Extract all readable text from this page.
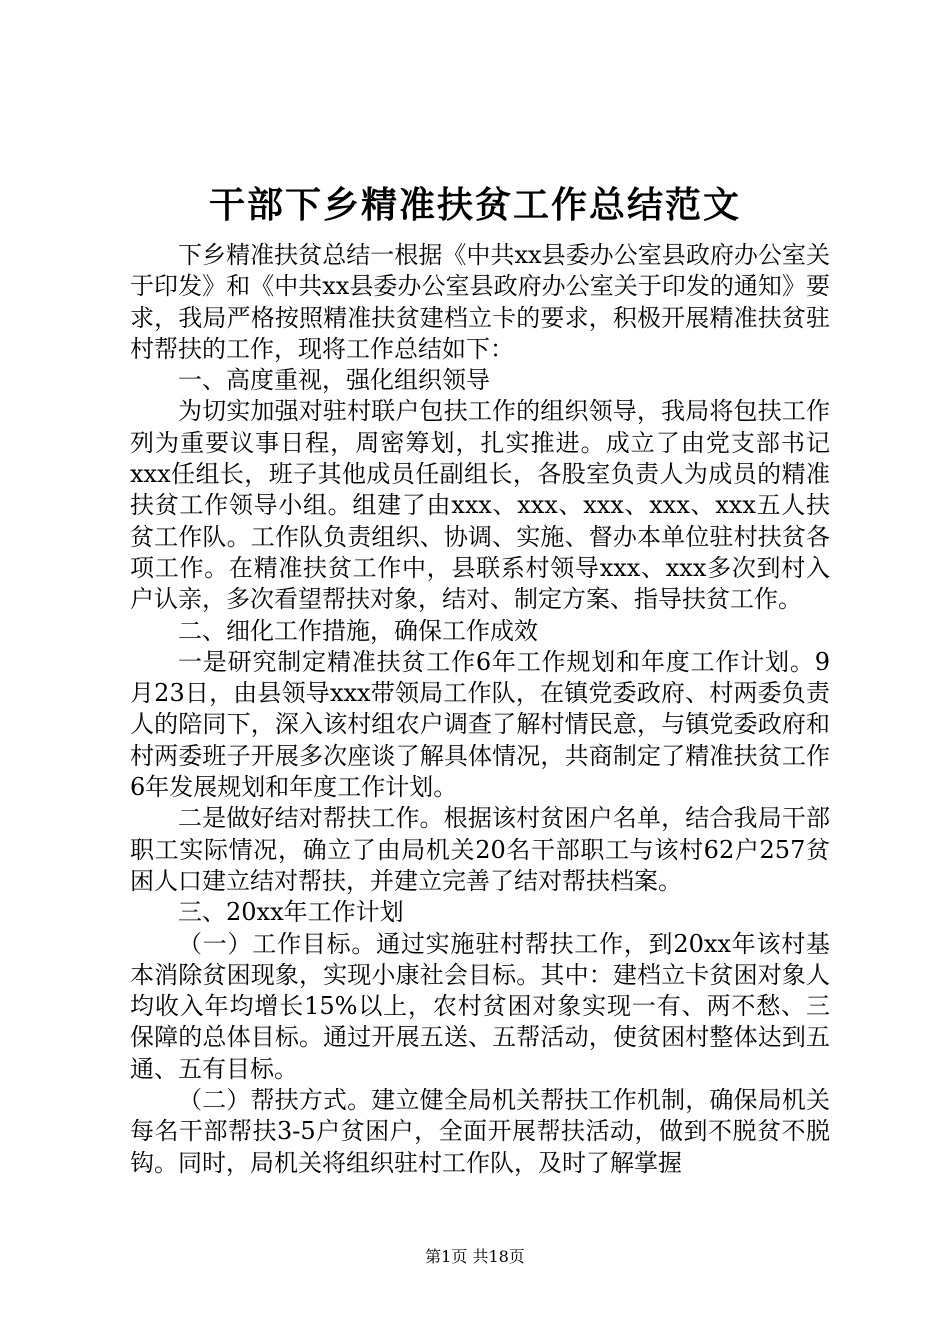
干部下乡精准扶贫工作总结范文

下乡精准扶贫总结一根据《中共xx县委办公室县政府办公室关于印发》和《中共xx县委办公室县政府办公室关于印发的通知》要求，我局严格按照精准扶贫建档立卡的要求，积极开展精准扶贫驻村帮扶的工作，现将工作总结如下：

一、高度重视，强化组织领导

为切实加强对驻村联户包扶工作的组织领导，我局将包扶工作列为重要议事日程，周密筹划，扎实推进。成立了由党支部书记xxx任组长，班子其他成员任副组长，各股室负责人为成员的精准扶贫工作领导小组。组建了由xxx、xxx、xxx、xxx、xxx五人扶贫工作队。工作队负责组织、协调、实施、督办本单位驻村扶贫各项工作。在精准扶贫工作中，县联系村领导xxx、xxx多次到村入户认亲，多次看望帮扶对象，结对、制定方案、指导扶贫工作。

二、细化工作措施，确保工作成效

一是研究制定精准扶贫工作6年工作规划和年度工作计划。9月23日，由县领导xxx带领局工作队，在镇党委政府、村两委负责人的陪同下，深入该村组农户调查了解村情民意，与镇党委政府和村两委班子开展多次座谈了解具体情况，共商制定了精准扶贫工作6年发展规划和年度工作计划。

二是做好结对帮扶工作。根据该村贫困户名单，结合我局干部职工实际情况，确立了由局机关20名干部职工与该村62户257贫困人口建立结对帮扶，并建立完善了结对帮扶档案。

三、20xx年工作计划

（一）工作目标。通过实施驻村帮扶工作，到20xx年该村基本消除贫困现象，实现小康社会目标。其中：建档立卡贫困对象人均收入年均增长15%以上，农村贫困对象实现一有、两不愁、三保障的总体目标。通过开展五送、五帮活动，使贫困村整体达到五通、五有目标。

（二）帮扶方式。建立健全局机关帮扶工作机制，确保局机关每名干部帮扶3-5户贫困户，全面开展帮扶活动，做到不脱贫不脱钩。同时，局机关将组织驻村工作队，及时了解掌握

第1页 共18页
